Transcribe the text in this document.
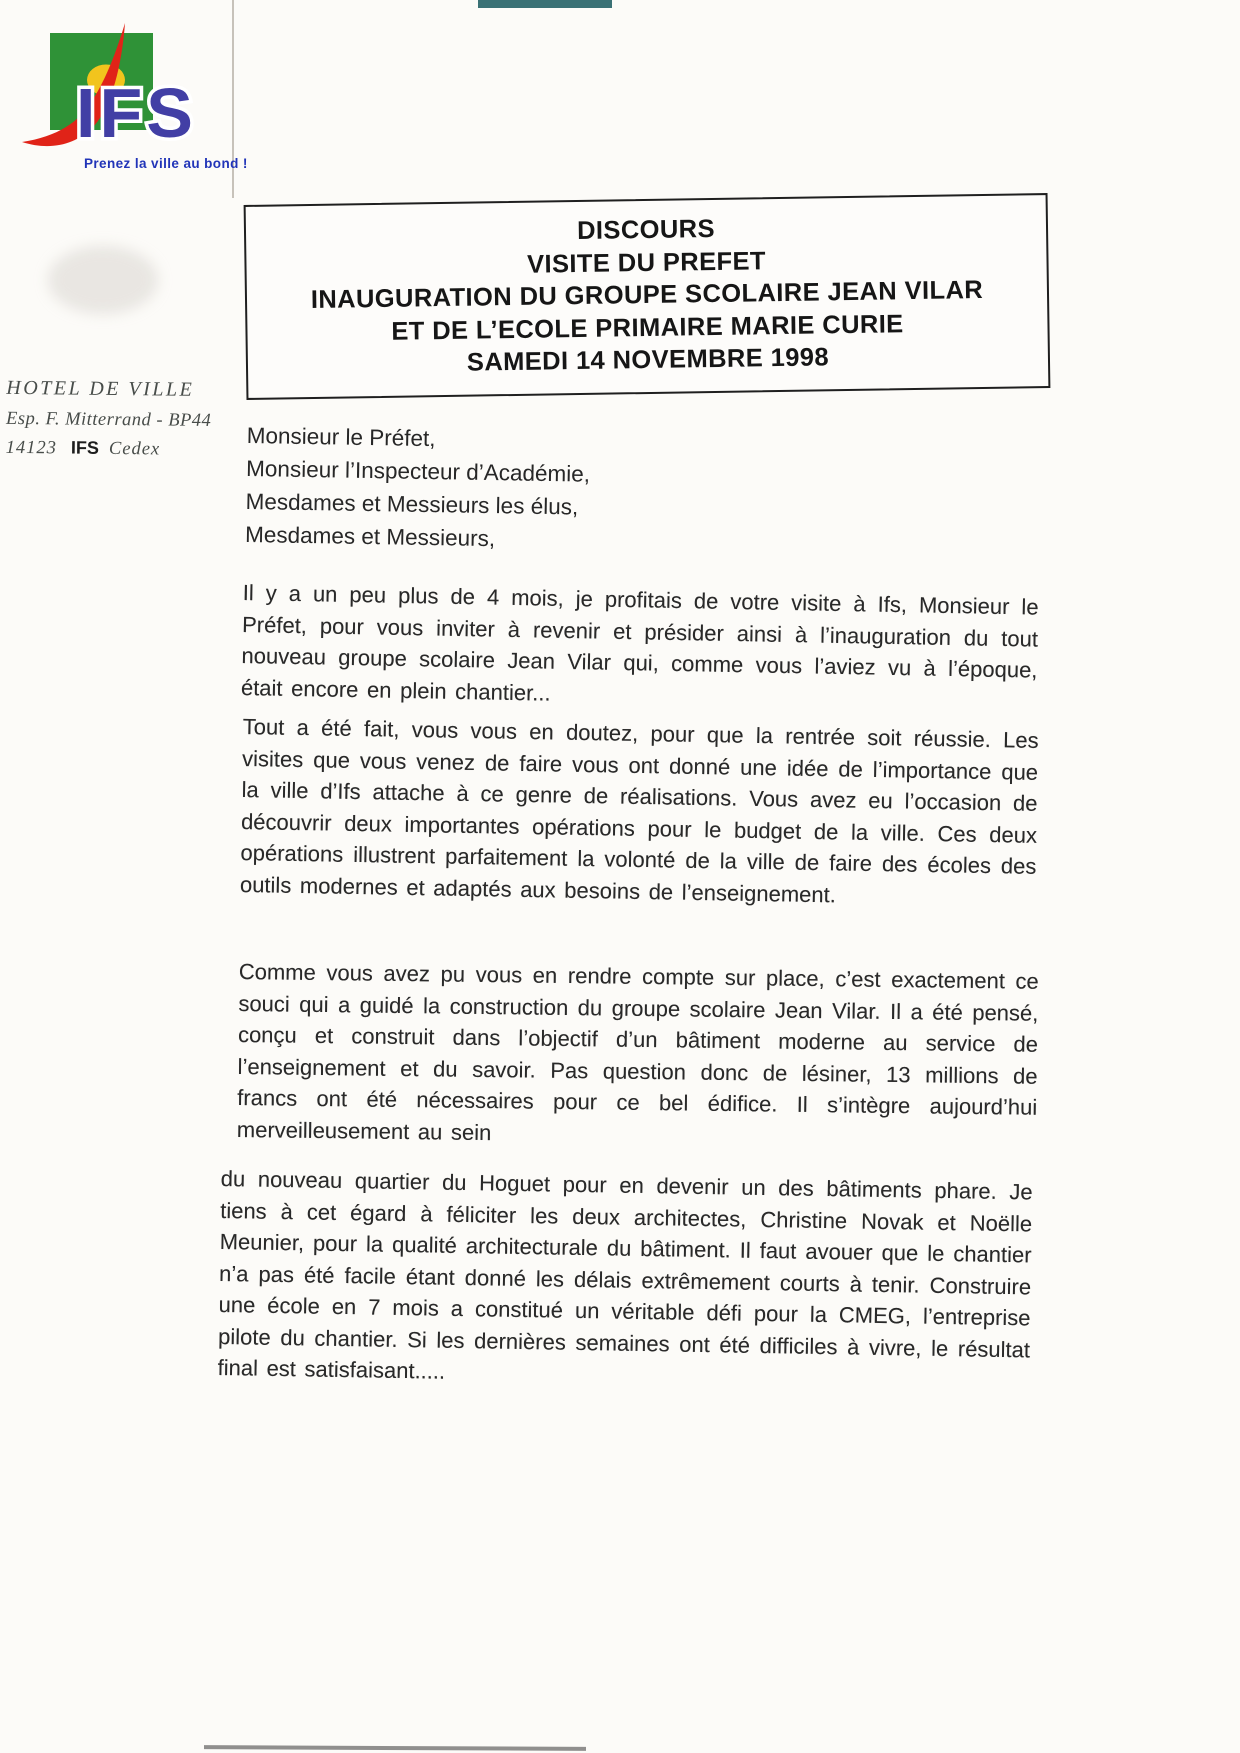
IFS
Prenez la ville au bond !
HOTEL DE VILLE
Esp. F. Mitterrand - BP44
14123 IFS Cedex
DISCOURS
VISITE DU PREFET
INAUGURATION DU GROUPE SCOLAIRE JEAN VILAR
ET DE L’ECOLE PRIMAIRE MARIE CURIE
SAMEDI 14 NOVEMBRE 1998
Monsieur le Préfet,
Monsieur l’Inspecteur d’Académie,
Mesdames et Messieurs les élus,
Mesdames et Messieurs,

Il y a un peu plus de 4 mois, je profitais de votre visite à Ifs, Monsieur le Préfet, pour vous inviter à revenir et présider ainsi à l’inauguration du tout nouveau groupe scolaire Jean Vilar qui, comme vous l’aviez vu à l’époque, était encore en plein chantier...

Tout a été fait, vous vous en doutez, pour que la rentrée soit réussie. Les visites que vous venez de faire vous ont donné une idée de l’importance que la ville d’Ifs attache à ce genre de réalisations. Vous avez eu l’occasion de découvrir deux importantes opérations pour le budget de la ville. Ces deux opérations illustrent parfaitement la volonté de la ville de faire des écoles des outils modernes et adaptés aux besoins de l’enseignement.

Comme vous avez pu vous en rendre compte sur place, c’est exactement ce souci qui a guidé la construction du groupe scolaire Jean Vilar. Il a été pensé, conçu et construit dans l’objectif d’un bâtiment moderne au service de l’enseignement et du savoir. Pas question donc de lésiner, 13 millions de francs ont été nécessaires pour ce bel édifice. Il s’intègre aujourd’hui merveilleusement au sein

du nouveau quartier du Hoguet pour en devenir un des bâtiments phare. Je tiens à cet égard à féliciter les deux architectes, Christine Novak et Noëlle Meunier, pour la qualité architecturale du bâtiment. Il faut avouer que le chantier n’a pas été facile étant donné les délais extrêmement courts à tenir. Construire une école en 7 mois a constitué un véritable défi pour la CMEG, l’entreprise pilote du chantier. Si les dernières semaines ont été difficiles à vivre, le résultat final est satisfaisant.....
